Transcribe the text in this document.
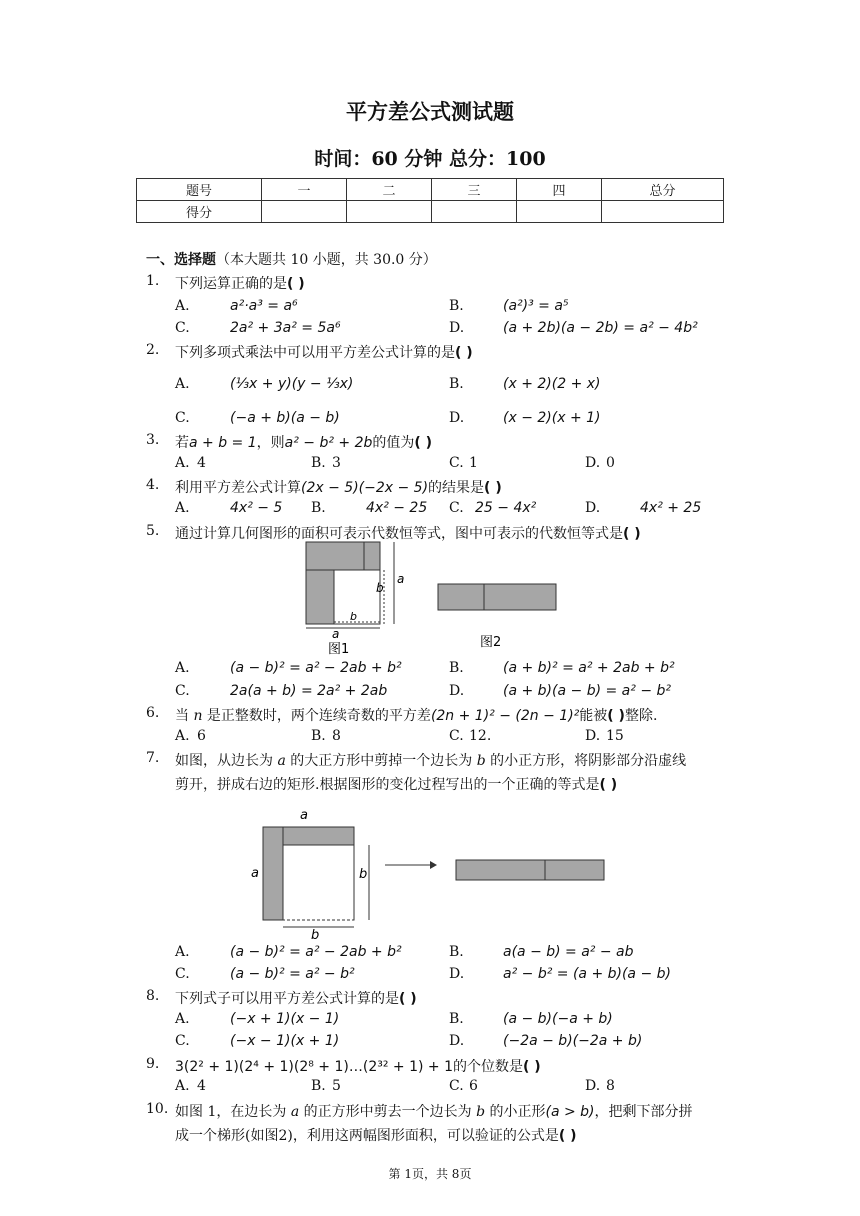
平方差公式测试题
时间：60 分钟 总分：100
题号	一	二	三	四	总分
得分					
一、选择题（本大题共 10 小题，共 30.0 分）
1. 下列运算正确的是( )
A.	a²·a³ = a⁶	B.	(a²)³ = a⁵
C.	2a² + 3a² = 5a⁶	D.	(a + 2b)(a − 2b) = a² − 4b²
2. 下列多项式乘法中可以用平方差公式计算的是( )
A.	(⅓x + y)(y − ⅓x)	B.	(x + 2)(2 + x)
C.	(−a + b)(a − b)	D.	(x − 2)(x + 1)
3. 若a + b = 1，则a² − b² + 2b的值为( )
A. 4	B. 3	C. 1	D. 0
4. 利用平方差公式计算(2x − 5)(−2x − 5)的结果是( )
A.	4x² − 5 B.	4x² − 25 C. 25 − 4x²	D.	4x² + 25
5. 通过计算几何图形的面积可表示代数恒等式，图中可表示的代数恒等式是( )
a
b
b
a
图1	图2
A.	(a − b)² = a² − 2ab + b²	B.	(a + b)² = a² + 2ab + b²
C.	2a(a + b) = 2a² + 2ab	D.	(a + b)(a − b) = a² − b²
6. 当 n 是正整数时，两个连续奇数的平方差(2n + 1)² − (2n − 1)²能被( )整除.
A. 6	B. 8	C. 12.	D. 15
7. 如图，从边长为 a 的大正方形中剪掉一个边长为 b 的小正方形，将阴影部分沿虚线
剪开，拼成右边的矩形.根据图形的变化过程写出的一个正确的等式是( )
a
a	b
b
A.	(a − b)² = a² − 2ab + b²	B.	a(a − b) = a² − ab
C.	(a − b)² = a² − b²	D.	a² − b² = (a + b)(a − b)
8. 下列式子可以用平方差公式计算的是( )
A.	(−x + 1)(x − 1)	B.	(a − b)(−a + b)
C.	(−x − 1)(x + 1)	D.	(−2a − b)(−2a + b)
9. 3(2² + 1)(2⁴ + 1)(2⁸ + 1)…(2³² + 1) + 1的个位数是( )
A. 4	B. 5	C. 6	D. 8
10. 如图 1，在边长为 a 的正方形中剪去一个边长为 b 的小正形(a > b)，把剩下部分拼
成一个梯形(如图2)，利用这两幅图形面积，可以验证的公式是( )
第 1页，共 8页
